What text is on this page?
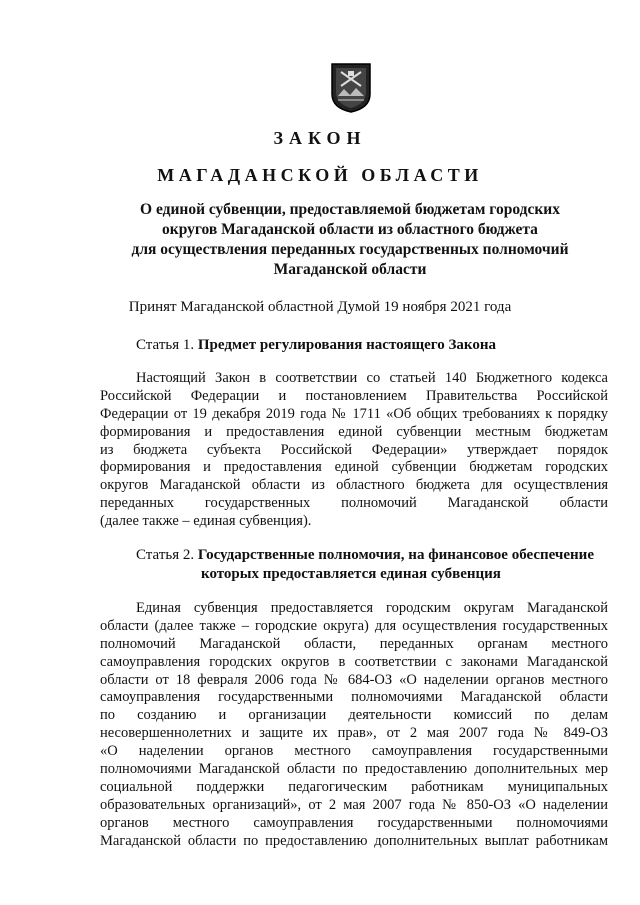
ЗАКОН
МАГАДАНСКОЙ ОБЛАСТИ
О единой субвенции, предоставляемой бюджетам городских
округов Магаданской области из областного бюджета
для осуществления переданных государственных полномочий
Магаданской области
Принят Магаданской областной Думой 19 ноября 2021 года
Статья 1. Предмет регулирования настоящего Закона
Настоящий Закон в соответствии со статьей 140 Бюджетного кодекса
Российской Федерации и постановлением Правительства Российской
Федерации от 19 декабря 2019 года № 1711 «Об общих требованиях к порядку
формирования и предоставления единой субвенции местным бюджетам
из бюджета субъекта Российской Федерации» утверждает порядок
формирования и предоставления единой субвенции бюджетам городских
округов Магаданской области из областного бюджета для осуществления
переданных государственных полномочий Магаданской области
(далее также – единая субвенция).
Статья 2. Государственные полномочия, на финансовое обеспечение
которых предоставляется единая субвенция
Единая субвенция предоставляется городским округам Магаданской
области (далее также – городские округа) для осуществления государственных
полномочий Магаданской области, переданных органам местного
самоуправления городских округов в соответствии с законами Магаданской
области от 18 февраля 2006 года № 684-ОЗ «О наделении органов местного
самоуправления государственными полномочиями Магаданской области
по созданию и организации деятельности комиссий по делам
несовершеннолетних и защите их прав», от 2 мая 2007 года № 849-ОЗ
«О наделении органов местного самоуправления государственными
полномочиями Магаданской области по предоставлению дополнительных мер
социальной поддержки педагогическим работникам муниципальных
образовательных организаций», от 2 мая 2007 года № 850-ОЗ «О наделении
органов местного самоуправления государственными полномочиями
Магаданской области по предоставлению дополнительных выплат работникам
